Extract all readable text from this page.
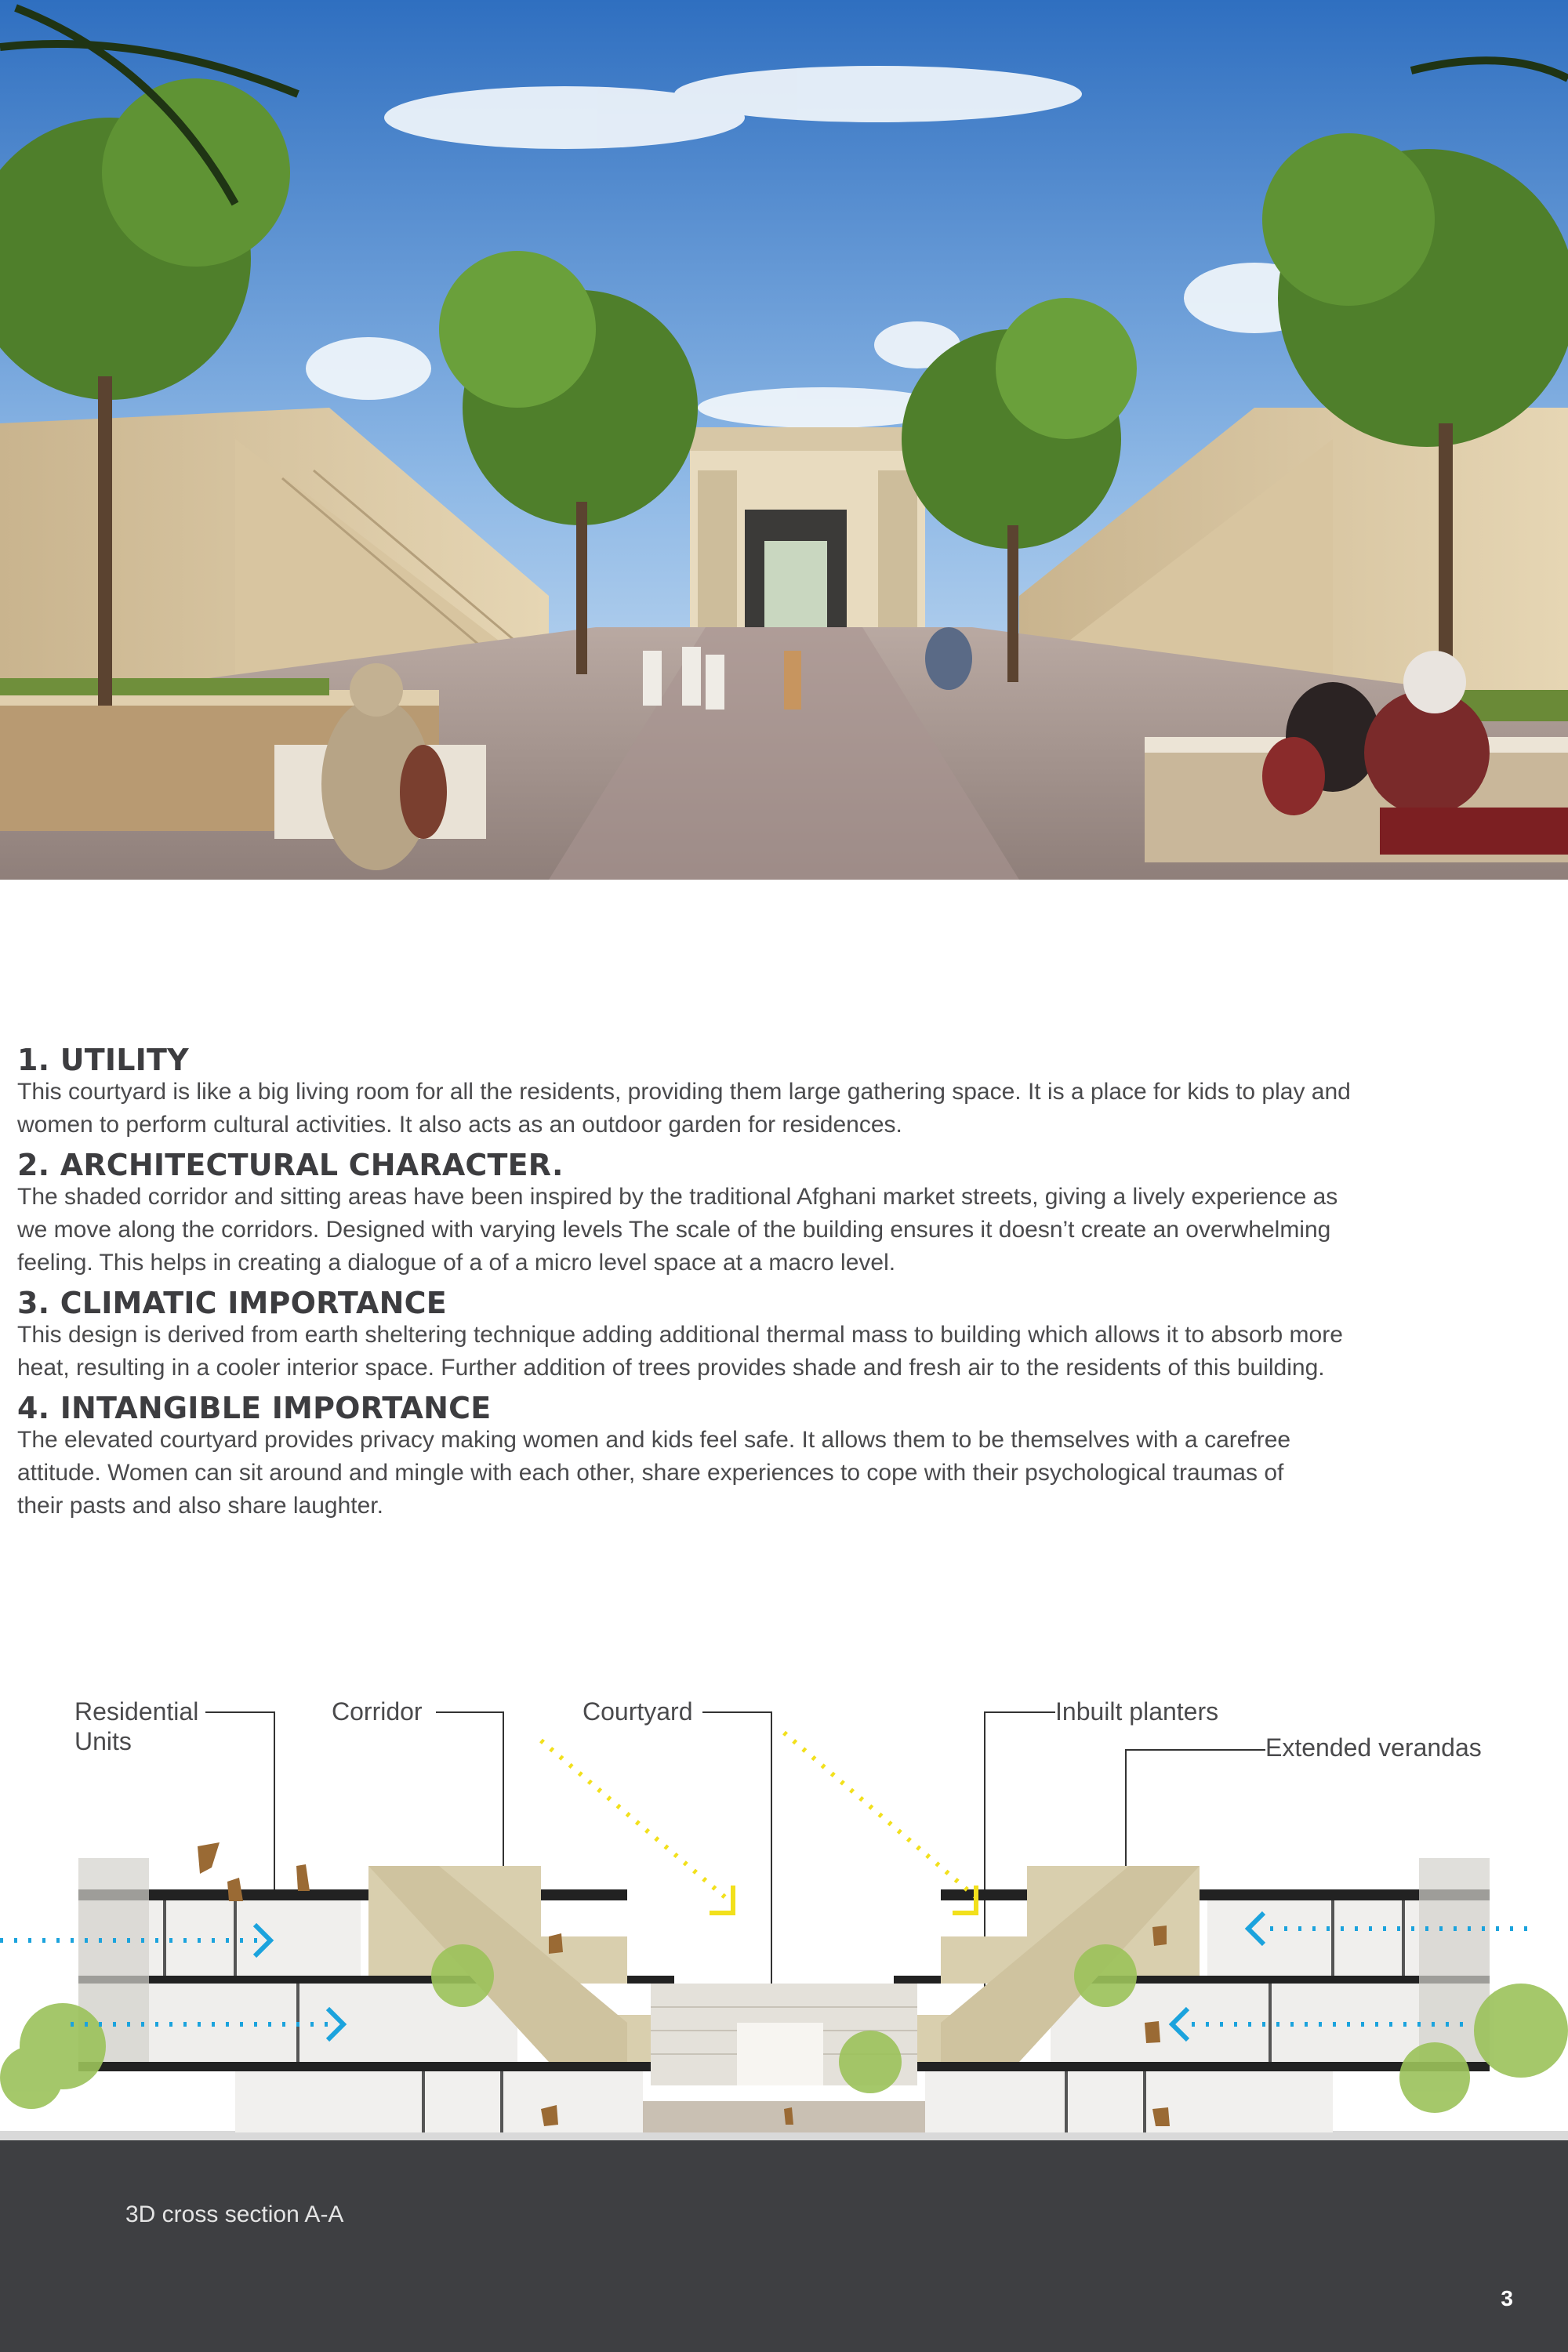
1. UTILITY

This courtyard is like a big living room for all the residents, providing them large gathering space. It is a place for kids to play and

women to perform cultural activities. It also acts as an outdoor garden for residences.

2. ARCHITECTURAL CHARACTER.

The shaded corridor and sitting areas have been inspired by the traditional Afghani market streets, giving a lively experience as

we move along the corridors. Designed with varying levels The scale of the building ensures it doesn’t create an overwhelming

feeling. This helps in creating a dialogue of a of a micro level space at a macro level.

3. CLIMATIC IMPORTANCE

This design is derived from earth sheltering technique adding additional thermal mass to building which allows it to absorb more

heat, resulting in a cooler interior space. Further addition of trees provides shade and fresh air to the residents of this building.

4. INTANGIBLE IMPORTANCE

The elevated courtyard provides privacy making women and kids feel safe. It allows them to be themselves with a carefree

attitude. Women can sit around and mingle with each other, share experiences to cope with their psychological traumas of

their pasts and also share laughter.

Residential
Units
Corridor	Courtyard	Inbuilt planters
Extended verandas
3D cross section A-A
3
